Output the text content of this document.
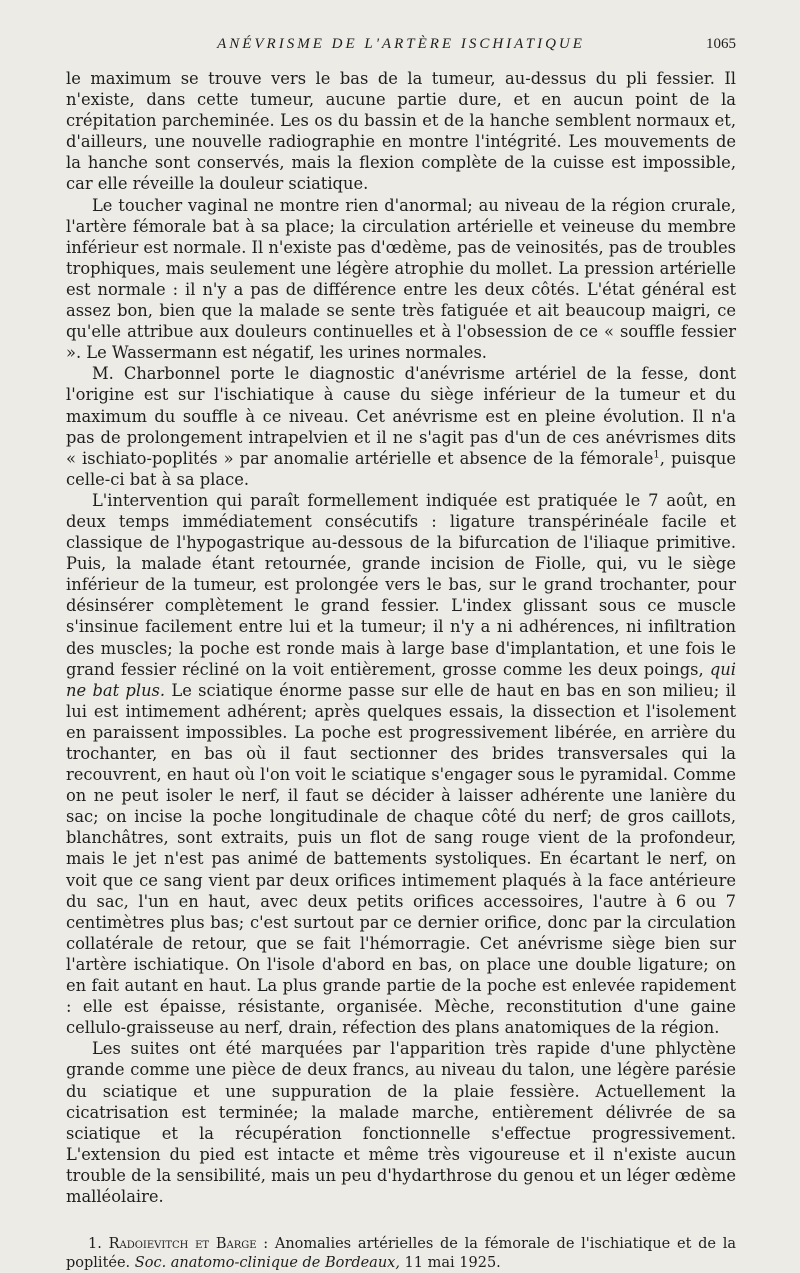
ANÉVRISME DE L'ARTÈRE ISCHIATIQUE	1065

le maximum se trouve vers le bas de la tumeur, au-dessus du pli fessier. Il n'existe, dans cette tumeur, aucune partie dure, et en aucun point de la crépitation parcheminée. Les os du bassin et de la hanche semblent normaux et, d'ailleurs, une nouvelle radiographie en montre l'intégrité. Les mouvements de la hanche sont conservés, mais la flexion complète de la cuisse est impossible, car elle réveille la douleur sciatique.

Le toucher vaginal ne montre rien d'anormal; au niveau de la région crurale, l'artère fémorale bat à sa place; la circulation artérielle et veineuse du membre inférieur est normale. Il n'existe pas d'œdème, pas de veinosités, pas de troubles trophiques, mais seulement une légère atrophie du mollet. La pression artérielle est normale : il n'y a pas de différence entre les deux côtés. L'état général est assez bon, bien que la malade se sente très fatiguée et ait beaucoup maigri, ce qu'elle attribue aux douleurs continuelles et à l'obsession de ce « souffle fessier ». Le Wassermann est négatif, les urines normales.

M. Charbonnel porte le diagnostic d'anévrisme artériel de la fesse, dont l'origine est sur l'ischiatique à cause du siège inférieur de la tumeur et du maximum du souffle à ce niveau. Cet anévrisme est en pleine évolution. Il n'a pas de prolongement intrapelvien et il ne s'agit pas d'un de ces anévrismes dits « ischiato-poplités » par anomalie artérielle et absence de la fémorale$^1$, puisque celle-ci bat à sa place.

L'intervention qui paraît formellement indiquée est pratiquée le 7 août, en deux temps immédiatement consécutifs : ligature transpérinéale facile et classique de l'hypogastrique au-dessous de la bifurcation de l'iliaque primitive. Puis, la malade étant retournée, grande incision de Fiolle, qui, vu le siège inférieur de la tumeur, est prolongée vers le bas, sur le grand trochanter, pour désinsérer complètement le grand fessier. L'index glissant sous ce muscle s'insinue facilement entre lui et la tumeur; il n'y a ni adhérences, ni infiltration des muscles; la poche est ronde mais à large base d'implantation, et une fois le grand fessier récliné on la voit entièrement, grosse comme les deux poings, qui ne bat plus. Le sciatique énorme passe sur elle de haut en bas en son milieu; il lui est intimement adhérent; après quelques essais, la dissection et l'isolement en paraissent impossibles. La poche est progressivement libérée, en arrière du trochanter, en bas où il faut sectionner des brides transversales qui la recouvrent, en haut où l'on voit le sciatique s'engager sous le pyramidal. Comme on ne peut isoler le nerf, il faut se décider à laisser adhérente une lanière du sac; on incise la poche longitudinale de chaque côté du nerf; de gros caillots, blanchâtres, sont extraits, puis un flot de sang rouge vient de la profondeur, mais le jet n'est pas animé de battements systoliques. En écartant le nerf, on voit que ce sang vient par deux orifices intimement plaqués à la face antérieure du sac, l'un en haut, avec deux petits orifices accessoires, l'autre à 6 ou 7 centimètres plus bas; c'est surtout par ce dernier orifice, donc par la circulation collatérale de retour, que se fait l'hémorragie. Cet anévrisme siège bien sur l'artère ischiatique. On l'isole d'abord en bas, on place une double ligature; on en fait autant en haut. La plus grande partie de la poche est enlevée rapidement : elle est épaisse, résistante, organisée. Mèche, reconstitution d'une gaine cellulo-graisseuse au nerf, drain, réfection des plans anatomiques de la région.

Les suites ont été marquées par l'apparition très rapide d'une phlyctène grande comme une pièce de deux francs, au niveau du talon, une légère parésie du sciatique et une suppuration de la plaie fessière. Actuellement la cicatrisation est terminée; la malade marche, entièrement délivrée de sa sciatique et la récupération fonctionnelle s'effectue progressivement. L'extension du pied est intacte et même très vigoureuse et il n'existe aucun trouble de la sensibilité, mais un peu d'hydarthrose du genou et un léger œdème malléolaire.

1. Radoievitch et Barge : Anomalies artérielles de la fémorale de l'ischiatique et de la poplitée. Soc. anatomo-clinique de Bordeaux, 11 mai 1925.
